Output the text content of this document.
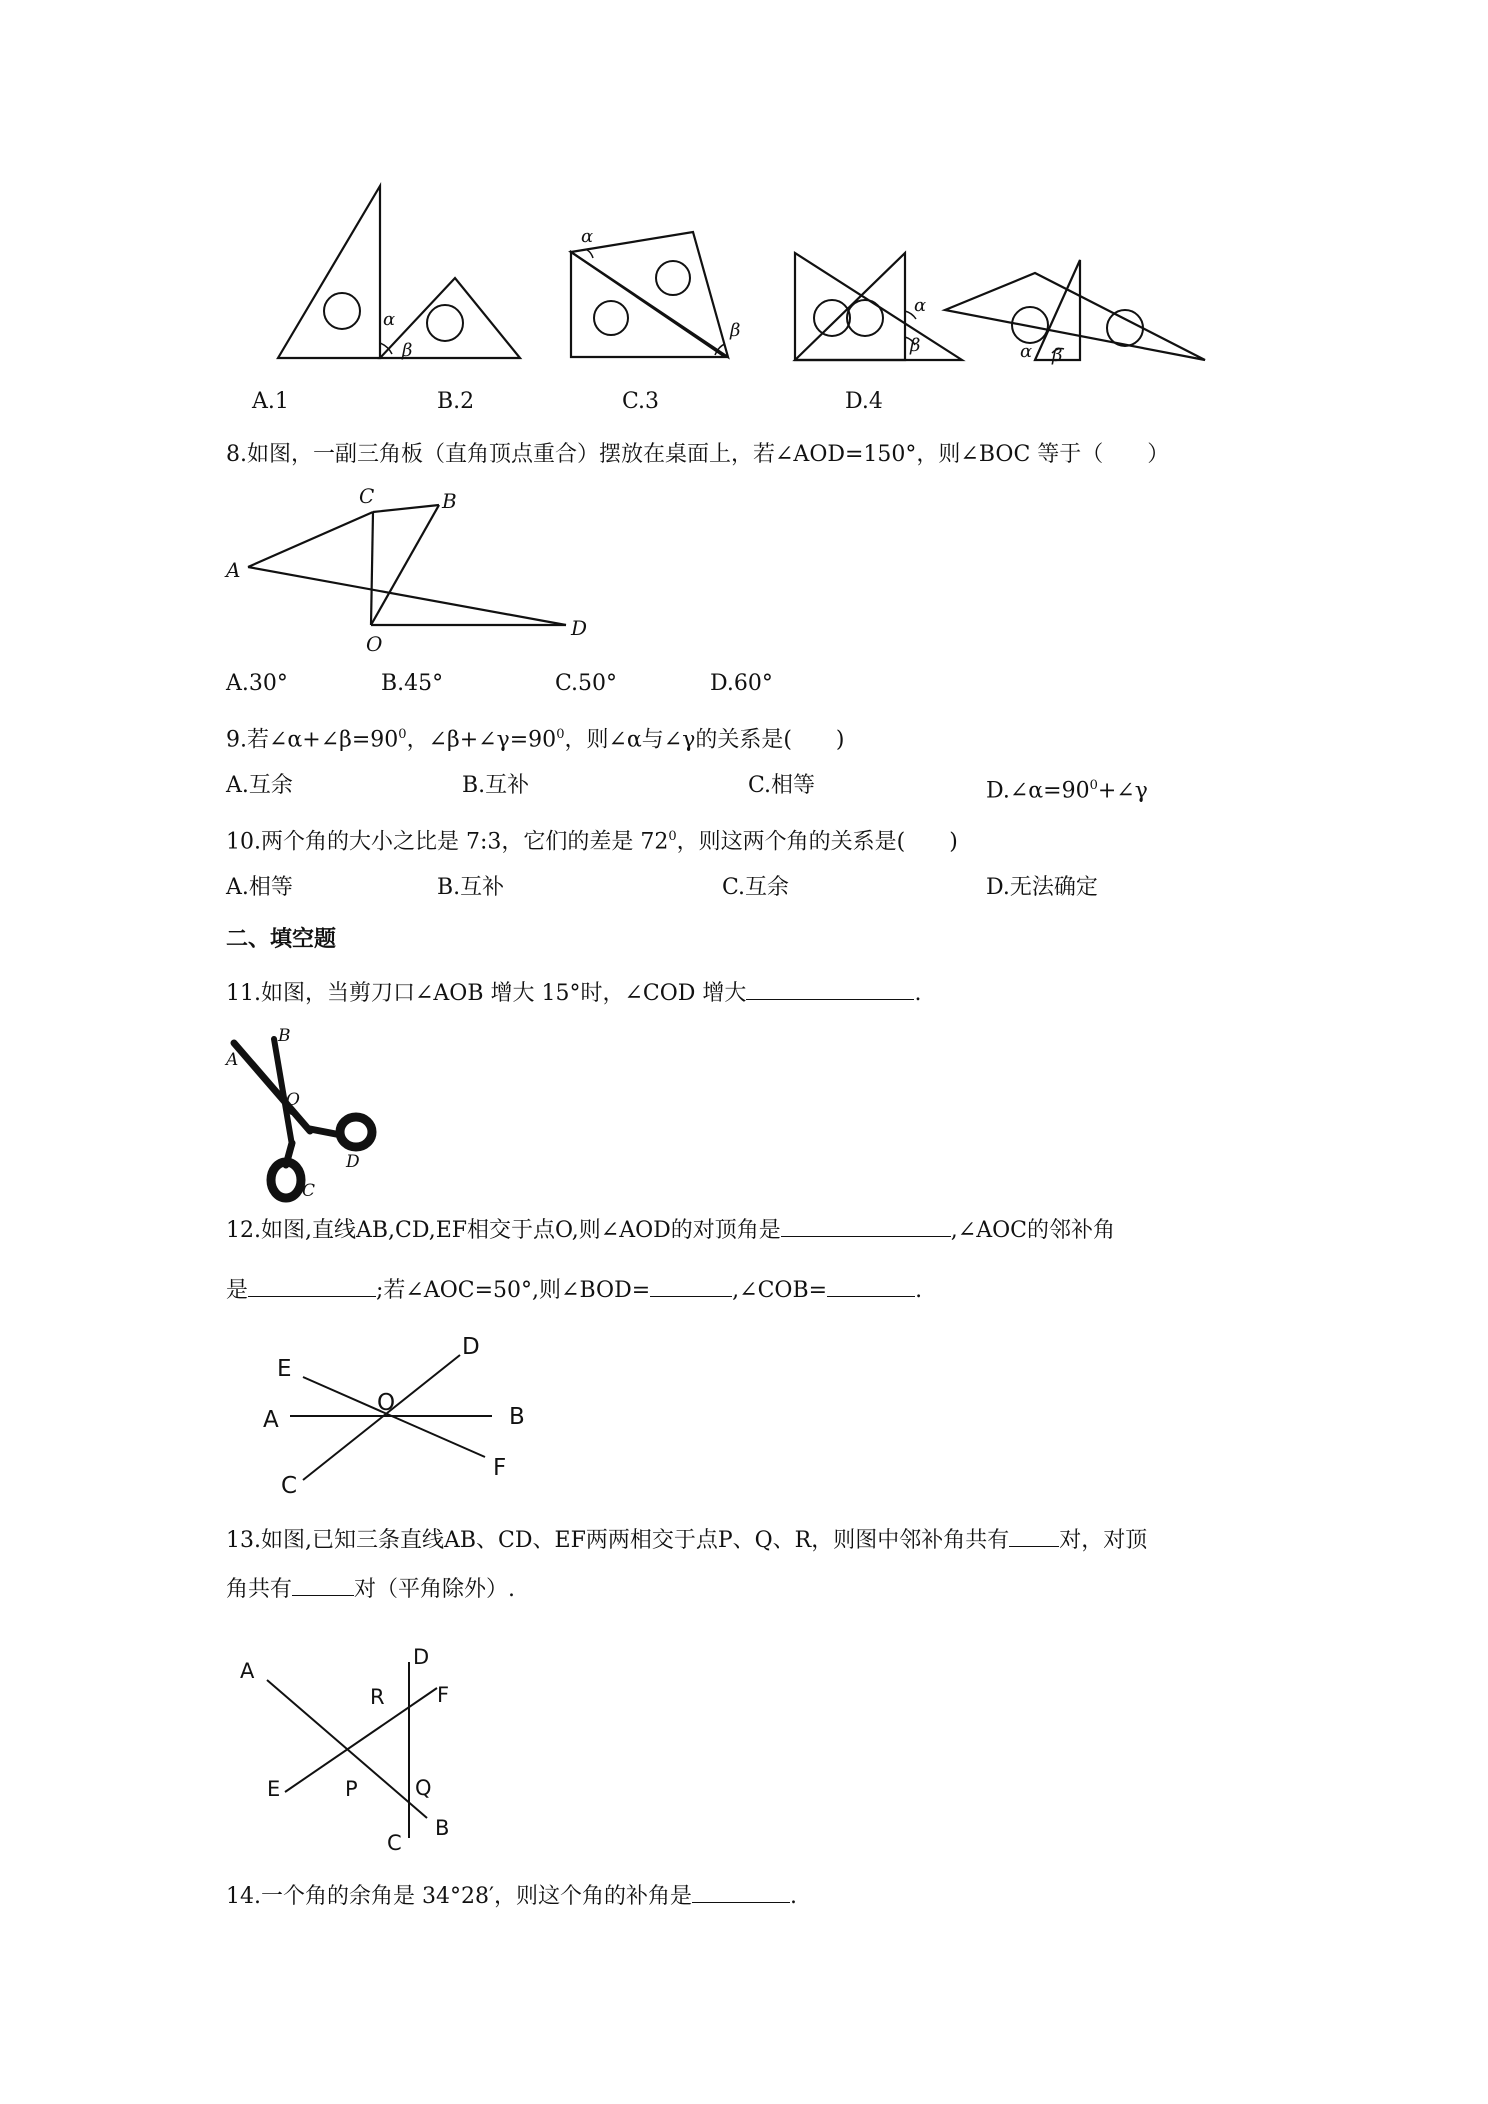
α
β
α
β
α
β	α β
A.1	B.2	C.3	D.4
8.如图，一副三角板（直角顶点重合）摆放在桌面上，若∠AOD=150°，则∠BOC 等于（　　）
C	B
A
O
D
A.30°	B.45°	C.50°	D.60°
9.若$\angle\alpha+\angle\beta=90^0$，$\angle\beta+\angle\gamma=90^0$，则∠α与∠γ的关系是(　　)
A.互余	B.互补	C.相等	$D.\angle\alpha=90^0+\angle\gamma$
10.两个角的大小之比是 7:3，它们的差是 $72^0$，则这两个角的关系是(　　)
A.相等	B.互补	C.互余	D.无法确定
二、填空题
11.如图，当剪刀口∠AOB 增大 15°时，∠COD 增大	.
A
B
O
C
D
12.如图,直线AB,CD,EF相交于点O,则∠AOD的对顶角是	,∠AOC的邻补角
是	;若∠AOC=50°,则∠BOD=	,∠COB=	.
E
A
C
D
B
F
O
13.如图,已知三条直线AB、CD、EF两两相交于点P、Q、R，则图中邻补角共有 对，对顶
角共有	对（平角除外）.
A
E
D
F
R
P	Q
B
C
14.一个角的余角是 34°28′，则这个角的补角是	.
